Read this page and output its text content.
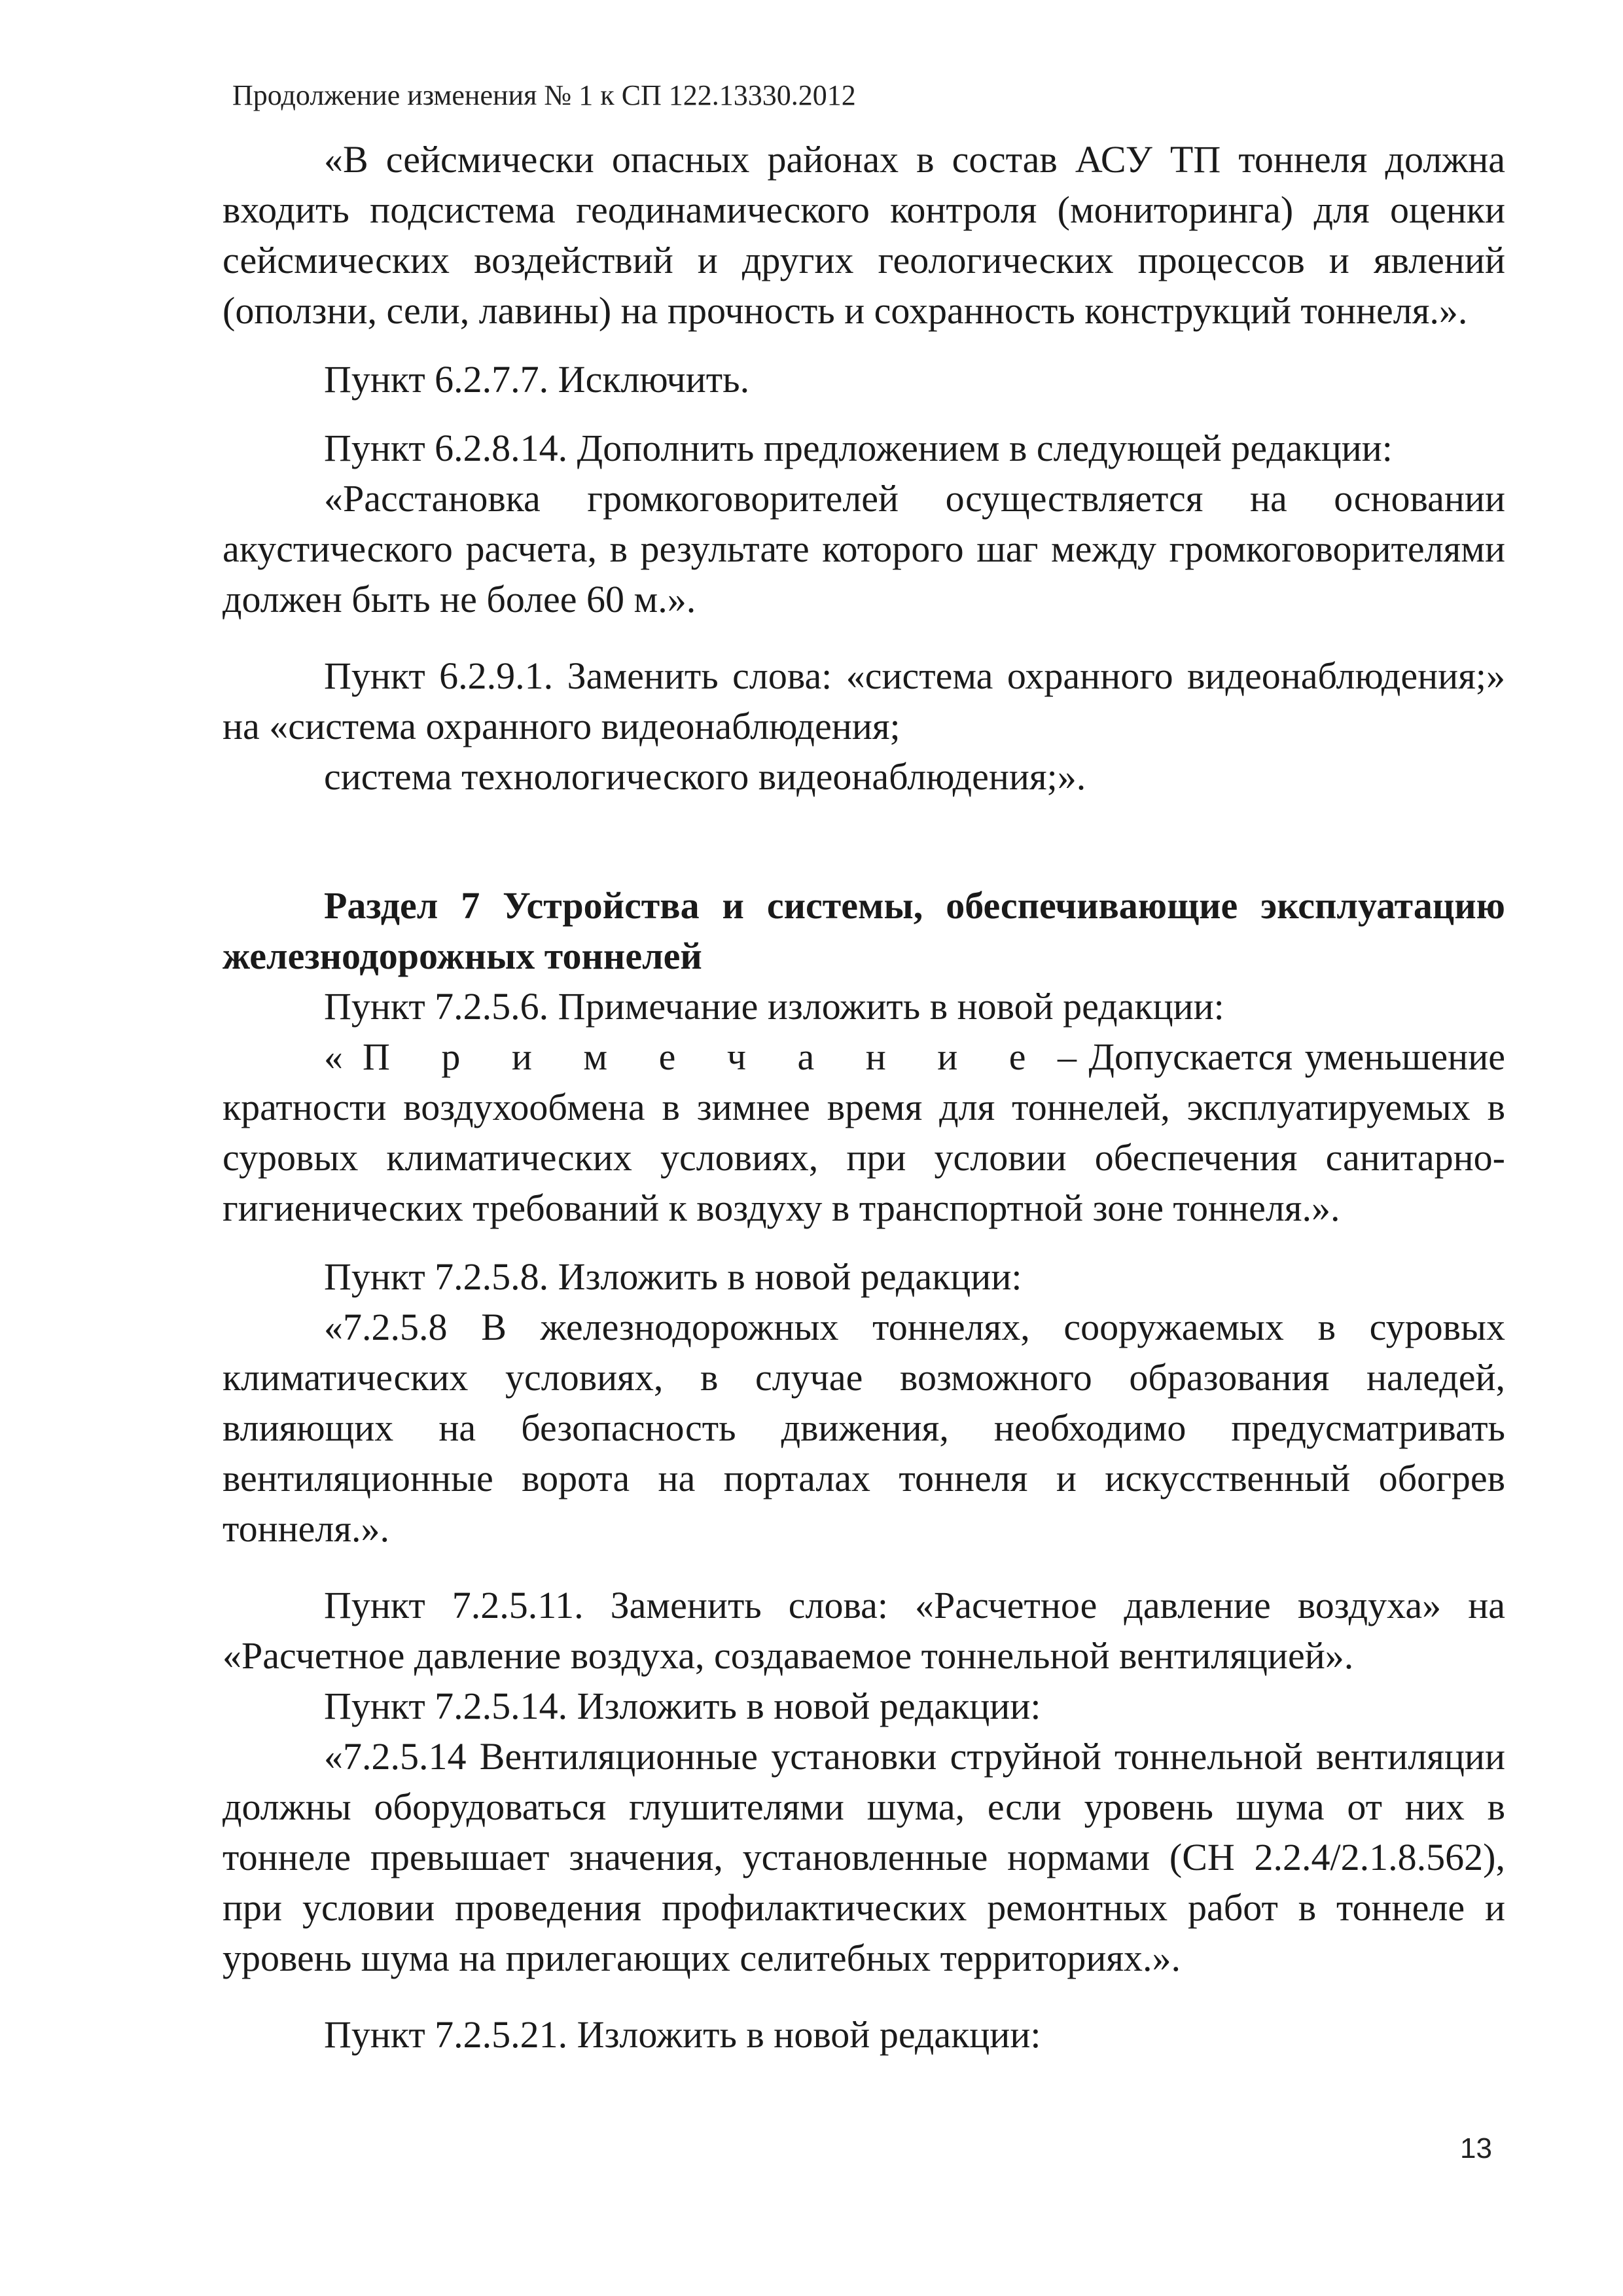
Продолжение изменения № 1 к СП 122.13330.2012

«В сейсмически опасных районах в состав АСУ ТП тоннеля должна входить подсистема геодинамического контроля (мониторинга) для оценки сейсмических воздействий и других геологических процессов и явлений (оползни, сели, лавины) на прочность и сохранность конструкций тоннеля.».

Пункт 6.2.7.7. Исключить.

Пункт 6.2.8.14. Дополнить предложением в следующей редакции:

«Расстановка громкоговорителей осуществляется на основании акустического расчета, в результате которого шаг между громкоговорителями должен быть не более 60 м.».

Пункт 6.2.9.1. Заменить слова: «система охранного видеонаблюдения;» на «система охранного видеонаблюдения;

система технологического видеонаблюдения;».

Раздел 7 Устройства и системы, обеспечивающие эксплуатацию железнодорожных тоннелей

Пункт 7.2.5.6. Примечание изложить в новой редакции:

«П р и м е ч а н и е – Допускается уменьшение кратности воздухообмена в зимнее время для тоннелей, эксплуатируемых в суровых климатических условиях, при условии обеспечения санитарно-гигиенических требований к воздуху в транспортной зоне тоннеля.».

Пункт 7.2.5.8. Изложить в новой редакции:

«7.2.5.8 В железнодорожных тоннелях, сооружаемых в суровых климатических условиях, в случае возможного образования наледей, влияющих на безопасность движения, необходимо предусматривать вентиляционные ворота на порталах тоннеля и искусственный обогрев тоннеля.».

Пункт 7.2.5.11. Заменить слова: «Расчетное давление воздуха» на «Расчетное давление воздуха, создаваемое тоннельной вентиляцией».

Пункт 7.2.5.14. Изложить в новой редакции:

«7.2.5.14 Вентиляционные установки струйной тоннельной вентиляции должны оборудоваться глушителями шума, если уровень шума от них в тоннеле превышает значения, установленные нормами (СН 2.2.4/2.1.8.562), при условии проведения профилактических ремонтных работ в тоннеле и уровень шума на прилегающих селитебных территориях.».

Пункт 7.2.5.21. Изложить в новой редакции:

13
